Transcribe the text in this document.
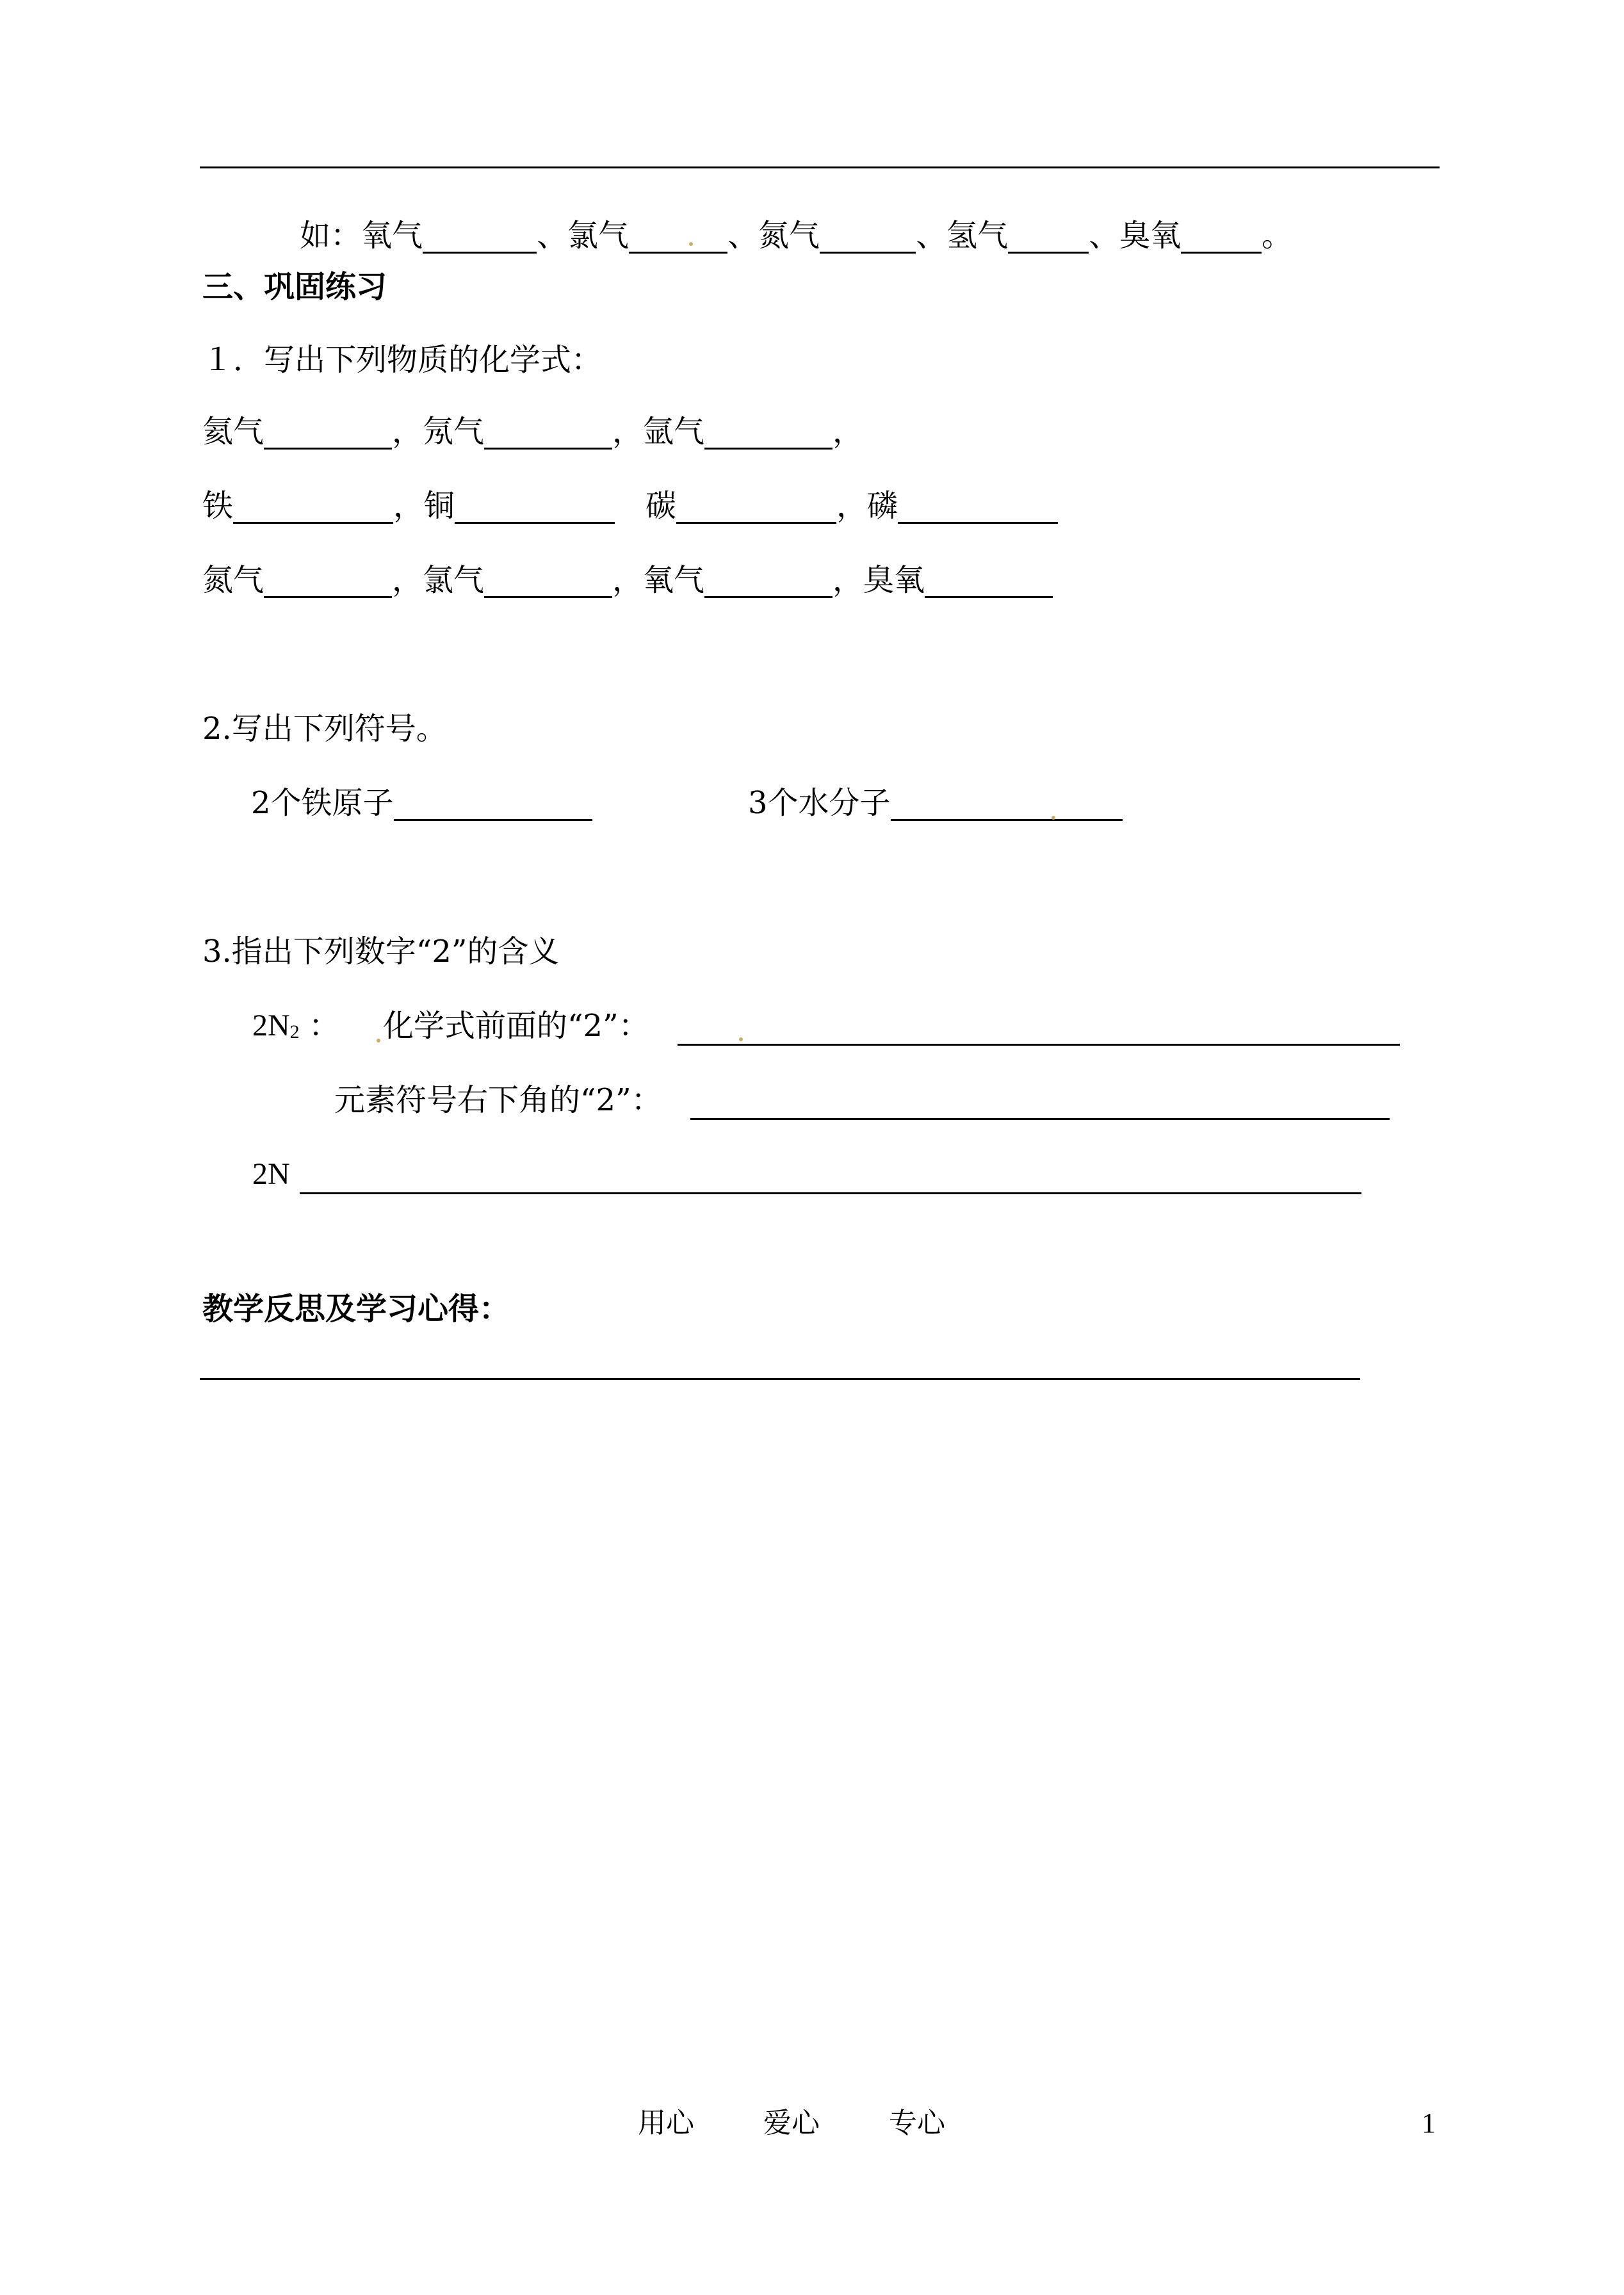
如：氧气	、氯气	、氮气	、氢气	、臭氧	。
三、巩固练习
１．写出下列物质的化学式：
氦气	，氖气	，氩气	，
铁	，铜	碳	，磷
氮气	，氯气	，氧气	，臭氧
2.写出下列符号。
2个铁原子	3个水分子
3.指出下列数字“2”的含义
2N2 ： 化学式前面的“2”：
元素符号右下角的“2”：
2N
教学反思及学习心得：
用心 爱心 专心	1
